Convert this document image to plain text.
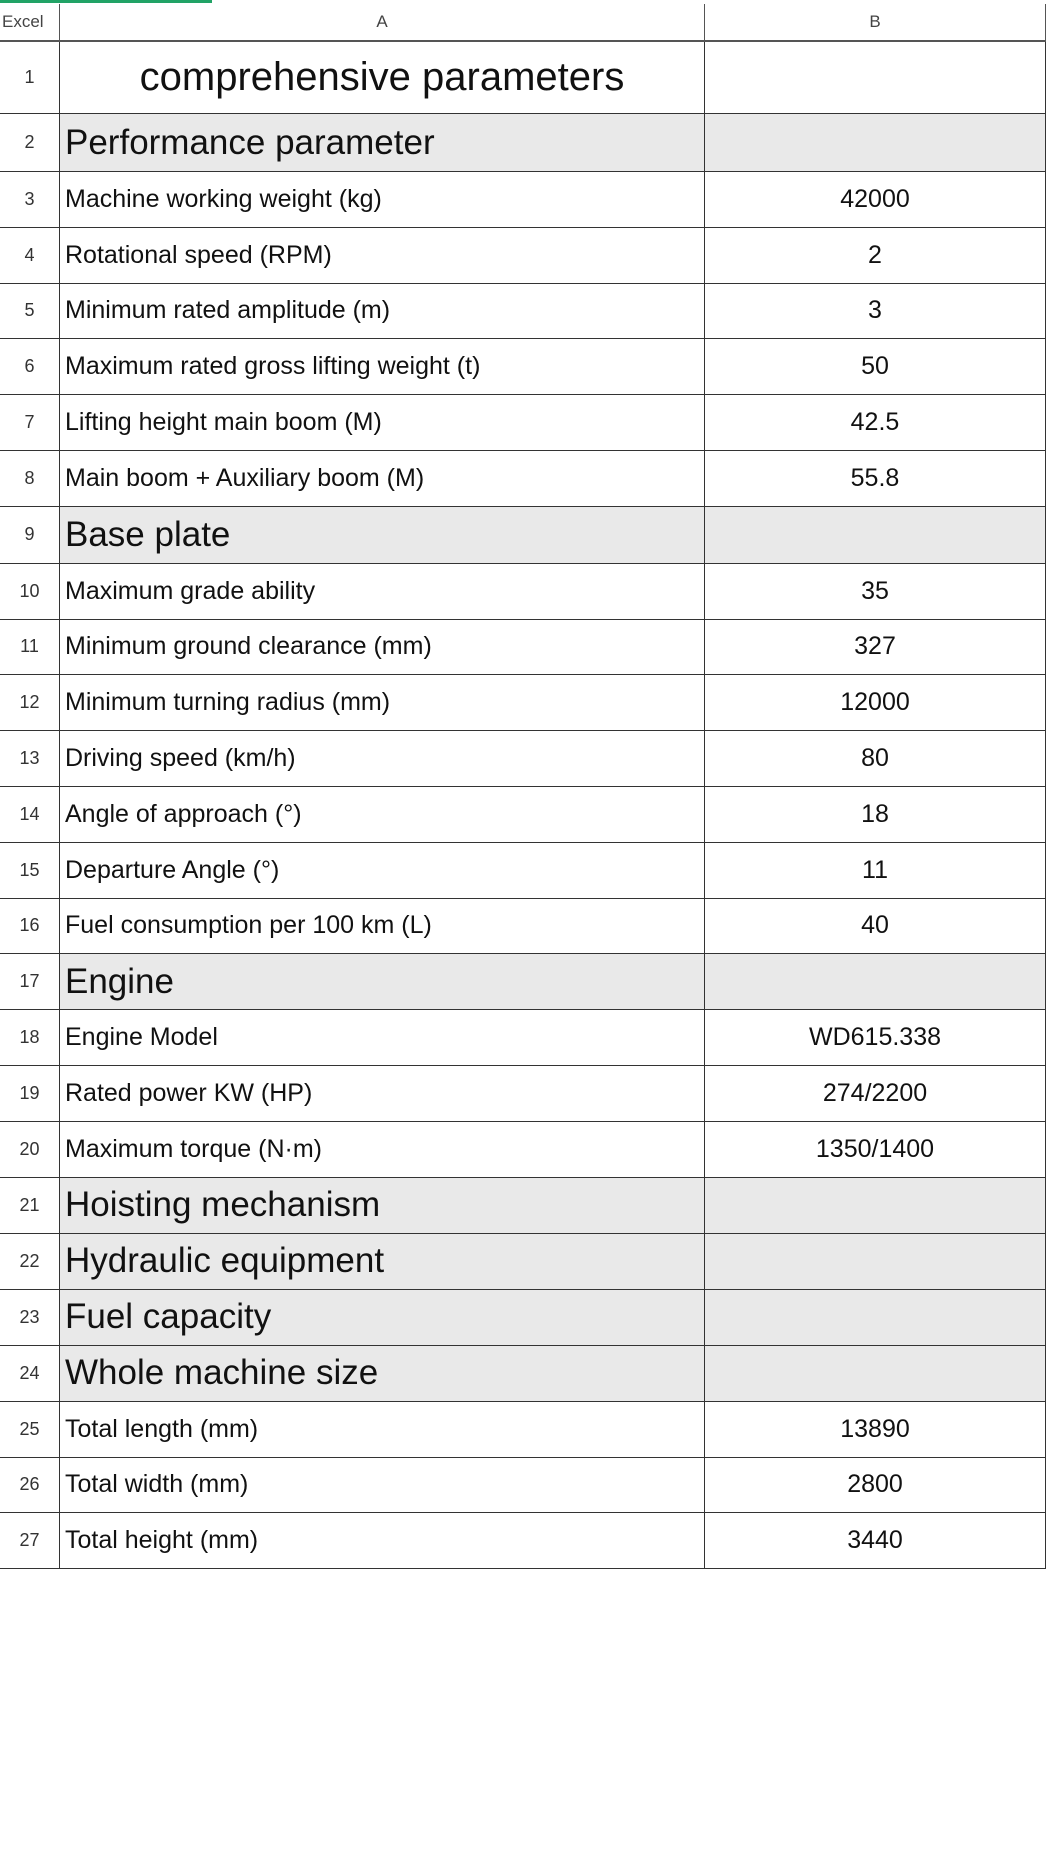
Excel	A	B
1	comprehensive parameters
2 Performance parameter
3	Machine working weight (kg)	42000
4	Rotational speed (RPM)	2
5	Minimum rated amplitude (m)	3
6	Maximum rated gross lifting weight (t)	50
7	Lifting height main boom (M)	42.5
8	Main boom + Auxiliary boom (M)	55.8
9 Base plate
10	Maximum grade ability	35
11	Minimum ground clearance (mm)	327
12	Minimum turning radius (mm)	12000
13	Driving speed (km/h)	80
14	Angle of approach (°)	18
15	Departure Angle (°)	11
16	Fuel consumption per 100 km (L)	40
17 Engine
18	Engine Model	WD615.338
19	Rated power KW (HP)	274/2200
20	Maximum torque (N·m)	1350/1400
21 Hoisting mechanism
22 Hydraulic equipment
23 Fuel capacity
24 Whole machine size
25	Total length (mm)	13890
26	Total width (mm)	2800
27	Total height (mm)	3440
